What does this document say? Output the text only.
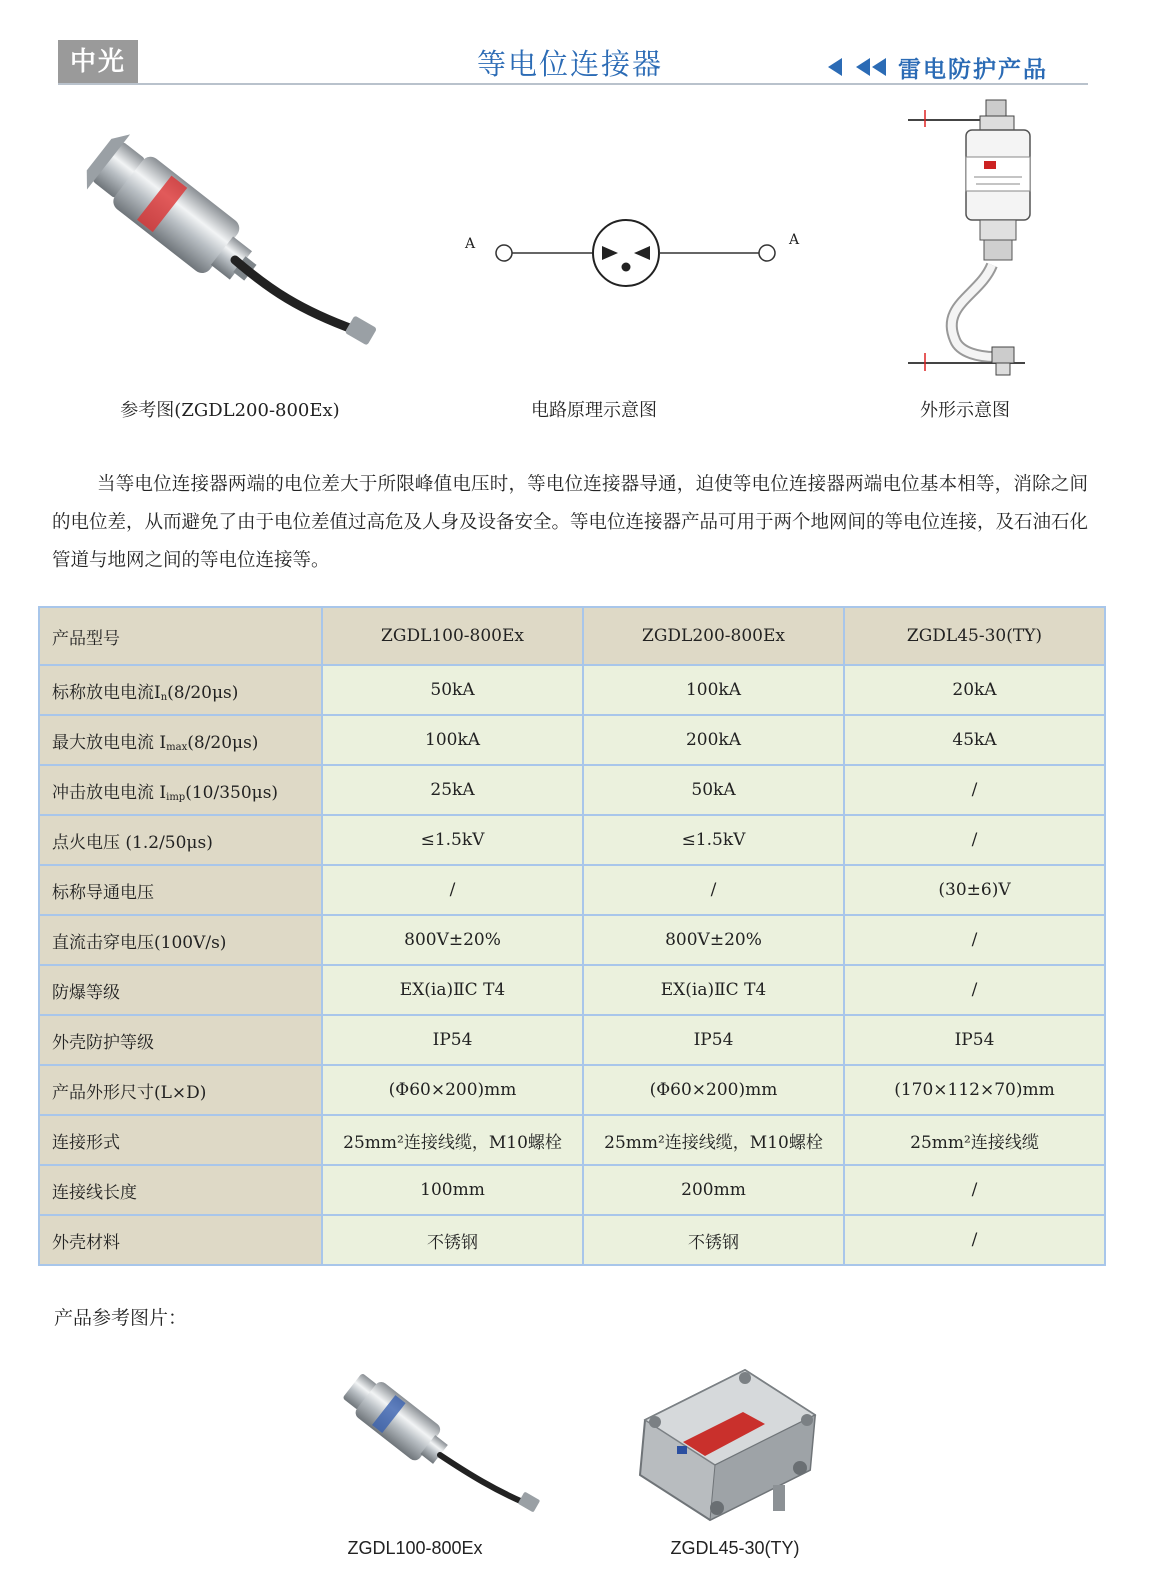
中光	等电位连接器	雷电防护产品
参考图(ZGDL200-800Ex)
A	A
电路原理示意图	外形示意图
当等电位连接器两端的电位差大于所限峰值电压时，等电位连接器导通，迫使等电位连接器两端电位基本相等，消除之间的电位差，从而避免了由于电位差值过高危及人身及设备安全。等电位连接器产品可用于两个地网间的等电位连接，及石油石化管道与地网之间的等电位连接等。
产品型号	ZGDL100-800Ex	ZGDL200-800Ex	ZGDL45-30(TY)
标称放电电流$I_n(8/20\mu s)$	50kA	100kA	20kA
最大放电电流 $I_{max}(8/20\mu s)$	100kA	200kA	45kA
冲击放电电流 $I_{imp}(10/350\mu s)$	25kA	50kA	/
点火电压 (1.2/50μs)	≤1.5kV	≤1.5kV	/
标称导通电压	/	/	(30±6)V
直流击穿电压(100V/s)	800V±20%	800V±20%	/
防爆等级	EX(ia)ⅡC T4	EX(ia)ⅡC T4	/
外壳防护等级	IP54	IP54	IP54
产品外形尺寸(L×D)	(Φ60×200)mm	(Φ60×200)mm	(170×112×70)mm
连接形式	25mm²连接线缆，M10螺栓	25mm²连接线缆，M10螺栓	25mm²连接线缆
连接线长度	100mm	200mm	/
外壳材料	不锈钢	不锈钢	/
产品参考图片：
ZGDL100-800Ex	ZGDL45-30(TY)
